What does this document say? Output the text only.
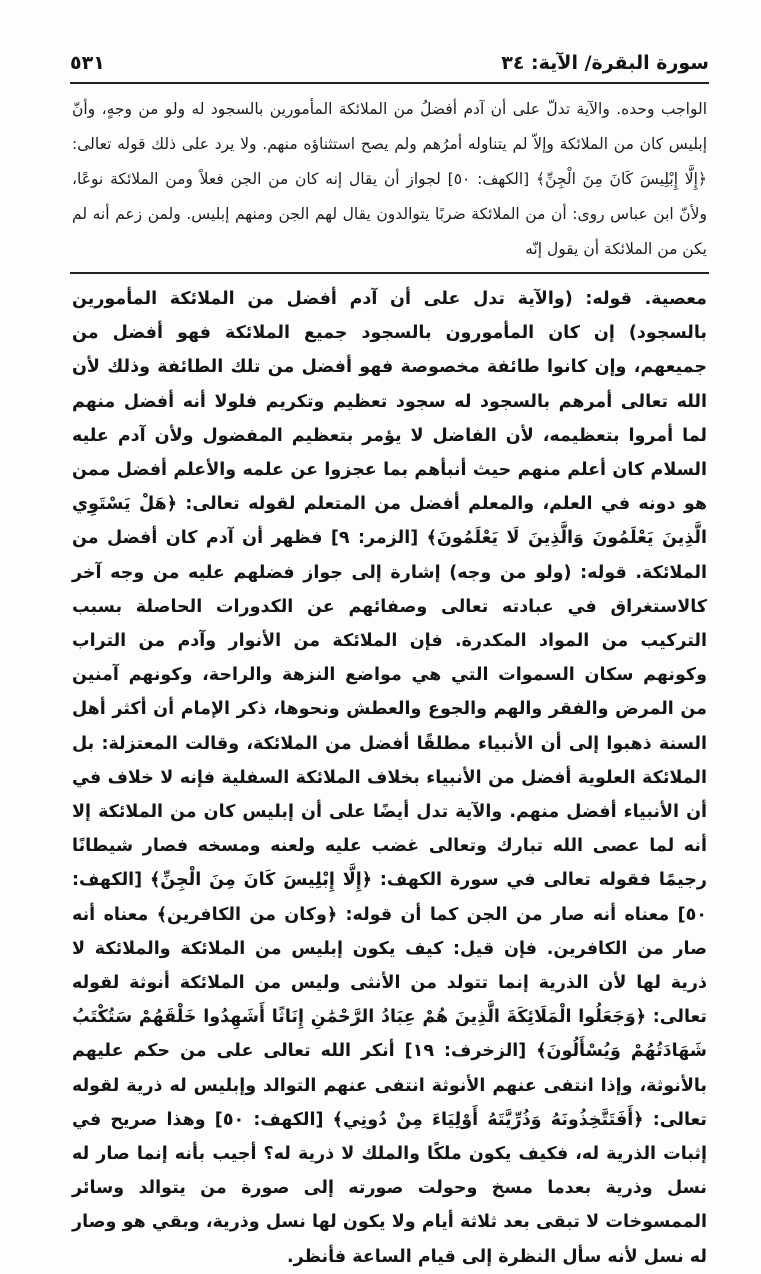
٥٣١	سورة البقرة/ الآية: ٣٤

الواجب وحده. والآية تدلّ على أن آدم أفضلُ من الملائكة المأمورين بالسجود له ولو من وجهٍ، وأنّ إبليس كان من الملائكة وإلاّ لم يتناوله أمرُهم ولم يصح استثناؤه منهم. ولا يرد على ذلك قوله تعالى: ﴿إِلَّا إِبْلِيسَ كَانَ مِنَ الْجِنِّ﴾ [الكهف: ٥٠] لجواز أن يقال إنه كان من الجن فعلاً ومن الملائكة نوعًا، ولأنّ ابن عباس روى: أن من الملائكة ضربًا يتوالدون يقال لهم الجن ومنهم إبليس. ولمن زعم أنه لم يكن من الملائكة أن يقول إنّه

معصية. قوله: (والآية تدل على أن آدم أفضل من الملائكة المأمورين بالسجود) إن كان المأمورون بالسجود جميع الملائكة فهو أفضل من جميعهم، وإن كانوا طائفة مخصوصة فهو أفضل من تلك الطائفة وذلك لأن الله تعالى أمرهم بالسجود له سجود تعظيم وتكريم فلولا أنه أفضل منهم لما أمروا بتعظيمه، لأن الفاضل لا يؤمر بتعظيم المفضول ولأن آدم عليه السلام كان أعلم منهم حيث أنبأهم بما عجزوا عن علمه والأعلم أفضل ممن هو دونه في العلم، والمعلم أفضل من المتعلم لقوله تعالى: ﴿هَلْ يَسْتَوِي الَّذِينَ يَعْلَمُونَ وَالَّذِينَ لَا يَعْلَمُونَ﴾ [الزمر: ٩] فظهر أن آدم كان أفضل من الملائكة. قوله: (ولو من وجه) إشارة إلى جواز فضلهم عليه من وجه آخر كالاستغراق في عبادته تعالى وصفائهم عن الكدورات الحاصلة بسبب التركيب من المواد المكدرة. فإن الملائكة من الأنوار وآدم من التراب وكونهم سكان السموات التي هي مواضع النزهة والراحة، وكونهم آمنين من المرض والفقر والهم والجوع والعطش ونحوها، ذكر الإمام أن أكثر أهل السنة ذهبوا إلى أن الأنبياء مطلقًا أفضل من الملائكة، وقالت المعتزلة: بل الملائكة العلوية أفضل من الأنبياء بخلاف الملائكة السفلية فإنه لا خلاف في أن الأنبياء أفضل منهم. والآية تدل أيضًا على أن إبليس كان من الملائكة إلا أنه لما عصى الله تبارك وتعالى غضب عليه ولعنه ومسخه فصار شيطانًا رجيمًا فقوله تعالى في سورة الكهف: ﴿إِلَّا إِبْلِيسَ كَانَ مِنَ الْجِنِّ﴾ [الكهف: ٥٠] معناه أنه صار من الجن كما أن قوله: ﴿وكان من الكافرين﴾ معناه أنه صار من الكافرين. فإن قيل: كيف يكون إبليس من الملائكة والملائكة لا ذرية لها لأن الذرية إنما تتولد من الأنثى وليس من الملائكة أنوثة لقوله تعالى: ﴿وَجَعَلُوا الْمَلَائِكَةَ الَّذِينَ هُمْ عِبَادُ الرَّحْمَٰنِ إِنَاثًا أَشَهِدُوا خَلْقَهُمْ سَتُكْتَبُ شَهَادَتُهُمْ وَيُسْأَلُونَ﴾ [الزخرف: ١٩] أنكر الله تعالى على من حكم عليهم بالأنوثة، وإذا انتفى عنهم الأنوثة انتفى عنهم التوالد وإبليس له ذرية لقوله تعالى: ﴿أَفَتَتَّخِذُونَهُ وَذُرِّيَّتَهُ أَوْلِيَاءَ مِنْ دُونِي﴾ [الكهف: ٥٠] وهذا صريح في إثبات الذرية له، فكيف يكون ملكًا والملك لا ذرية له؟ أجيب بأنه إنما صار له نسل وذرية بعدما مسخ وحولت صورته إلى صورة من يتوالد وسائر الممسوخات لا تبقى بعد ثلاثة أيام ولا يكون لها نسل وذرية، وبقي هو وصار له نسل لأنه سأل النظرة إلى قيام الساعة فأنظر.
